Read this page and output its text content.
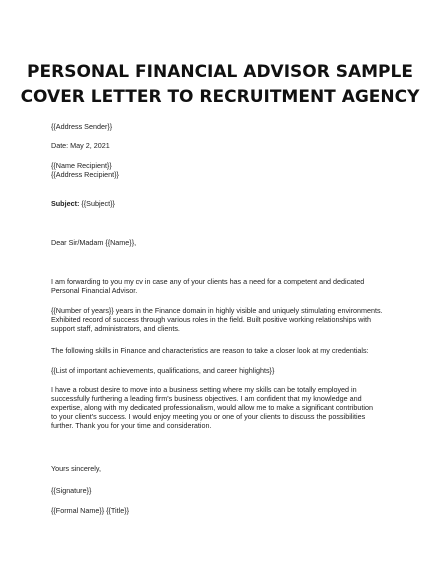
PERSONAL FINANCIAL ADVISOR SAMPLE
COVER LETTER TO RECRUITMENT AGENCY
{{Address Sender}}
Date: May 2, 2021
{{Name Recipient}}
{{Address Recipient}}
Subject: {{Subject}}
Dear Sir/Madam {{Name}},
I am forwarding to you my cv in case any of your clients has a need for a competent and dedicated
Personal Financial Advisor.
{{Number of years}} years in the Finance domain in highly visible and uniquely stimulating environments.
Exhibited record of success through various roles in the field. Built positive working relationships with
support staff, administrators, and clients.
The following skills in Finance and characteristics are reason to take a closer look at my credentials:
{{List of important achievements, qualifications, and career highlights}}
I have a robust desire to move into a business setting where my skills can be totally employed in
successfully furthering a leading firm's business objectives. I am confident that my knowledge and
expertise, along with my dedicated professionalism, would allow me to make a significant contribution
to your client's success. I would enjoy meeting you or one of your clients to discuss the possibilities
further. Thank you for your time and consideration.
Yours sincerely,
{{Signature}}
{{Formal Name}} {{Title}}
